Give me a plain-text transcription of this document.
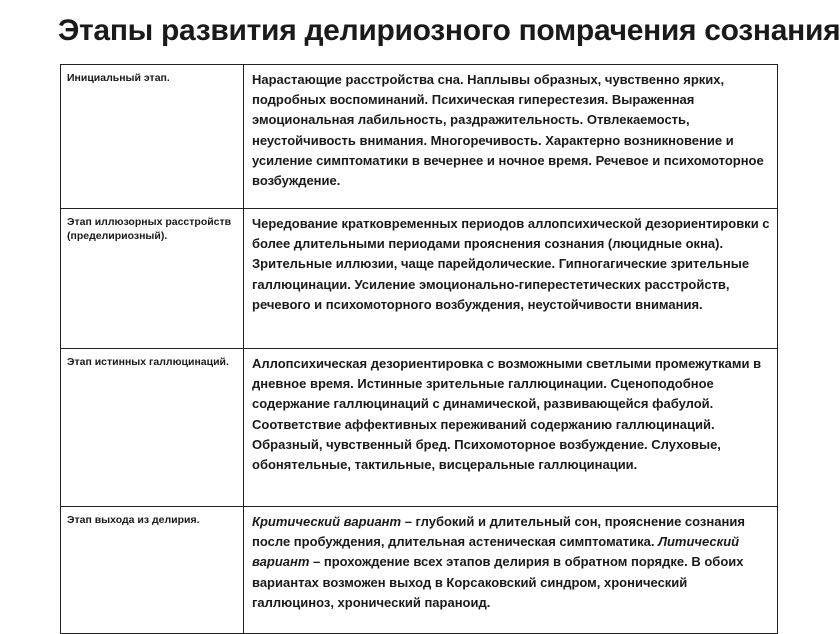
Этапы развития делириозного помрачения сознания
Инициальный этап.	Нарастающие расстройства сна. Наплывы образных, чувственно ярких, подробных воспоминаний. Психическая гиперестезия. Выраженная эмоциональная лабильность, раздражительность. Отвлекаемость, неустойчивость внимания. Многоречивость. Характерно возникновение и усиление симптоматики в вечернее и ночное время. Речевое и психомоторное возбуждение.
Этап иллюзорных расстройств (пределириозный).	Чередование кратковременных периодов аллопсихической дезориентировки с более длительными периодами прояснения сознания (люцидные окна). Зрительные иллюзии, чаще парейдолические. Гипногагические зрительные галлюцинации. Усиление эмоционально-гиперестетических расстройств, речевого и психомоторного возбуждения, неустойчивости внимания.
Этап истинных галлюцинаций.	Аллопсихическая дезориентировка с возможными светлыми промежутками в дневное время. Истинные зрительные галлюцинации. Сценоподобное содержание галлюцинаций с динамической, развивающейся фабулой. Соответствие аффективных переживаний содержанию галлюцинаций. Образный, чувственный бред. Психомоторное возбуждение. Слуховые, обонятельные, тактильные, висцеральные галлюцинации.
Этап выхода из делирия.	Критический вариант – глубокий и длительный сон, прояснение сознания после пробуждения, длительная астеническая симптоматика. Литический вариант – прохождение всех этапов делирия в обратном порядке. В обоих вариантах возможен выход в Корсаковский синдром, хронический галлюциноз, хронический параноид.
